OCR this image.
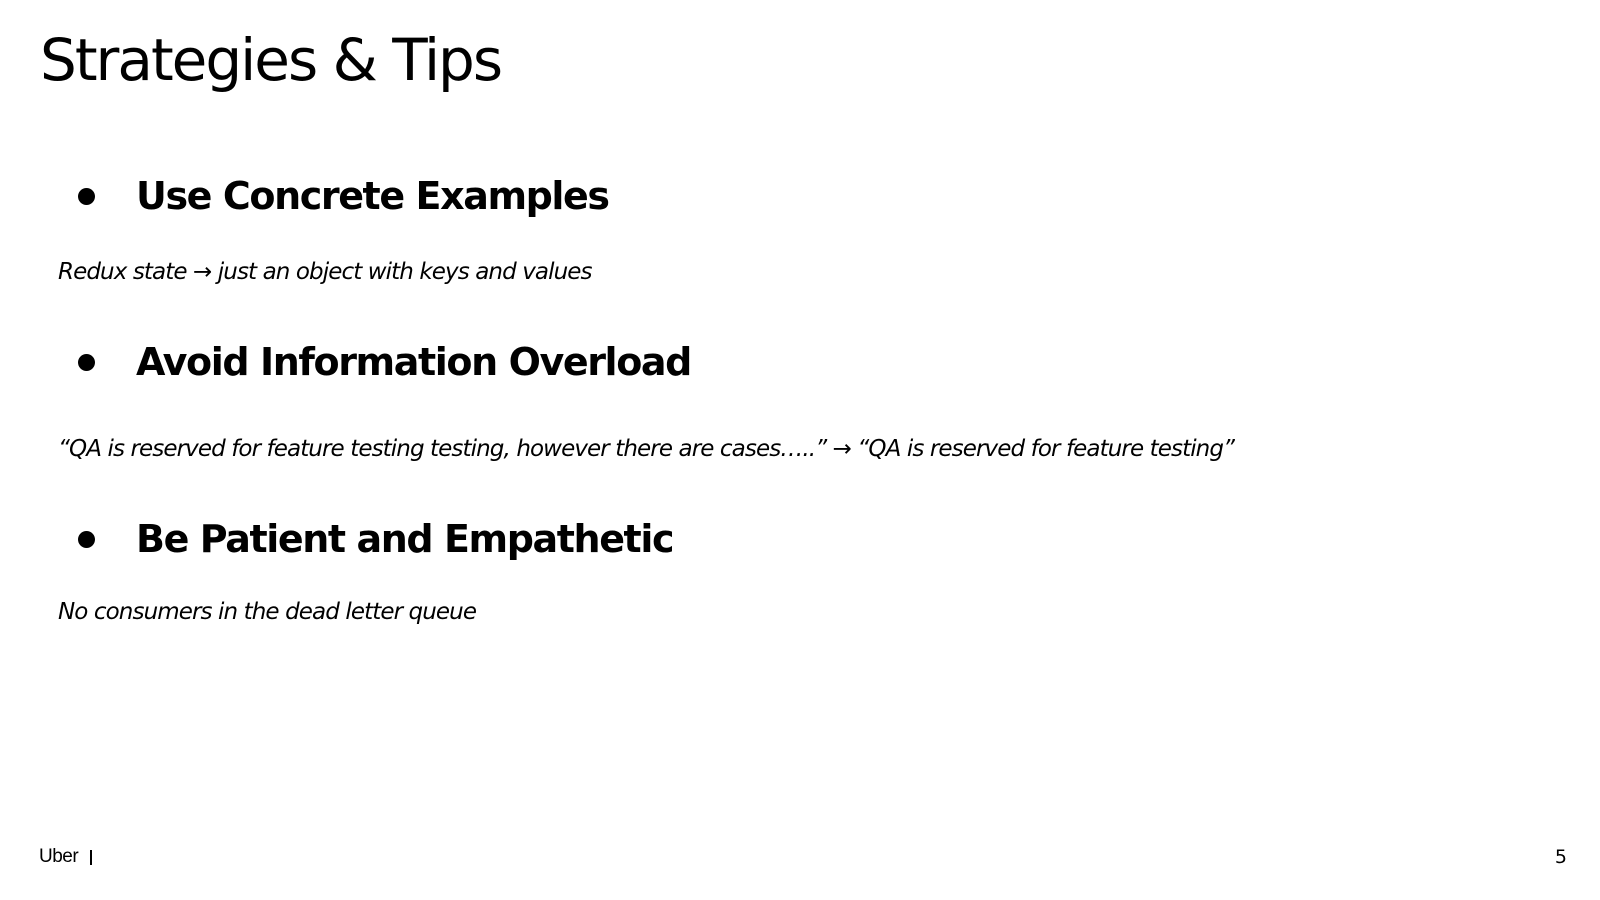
Strategies & Tips
Use Concrete Examples
Redux state → just an object with keys and values
Avoid Information Overload
“QA is reserved for feature testing testing, however there are cases…..” → “QA is reserved for feature testing”
Be Patient and Empathetic
No consumers in the dead letter queue
Uber	5
